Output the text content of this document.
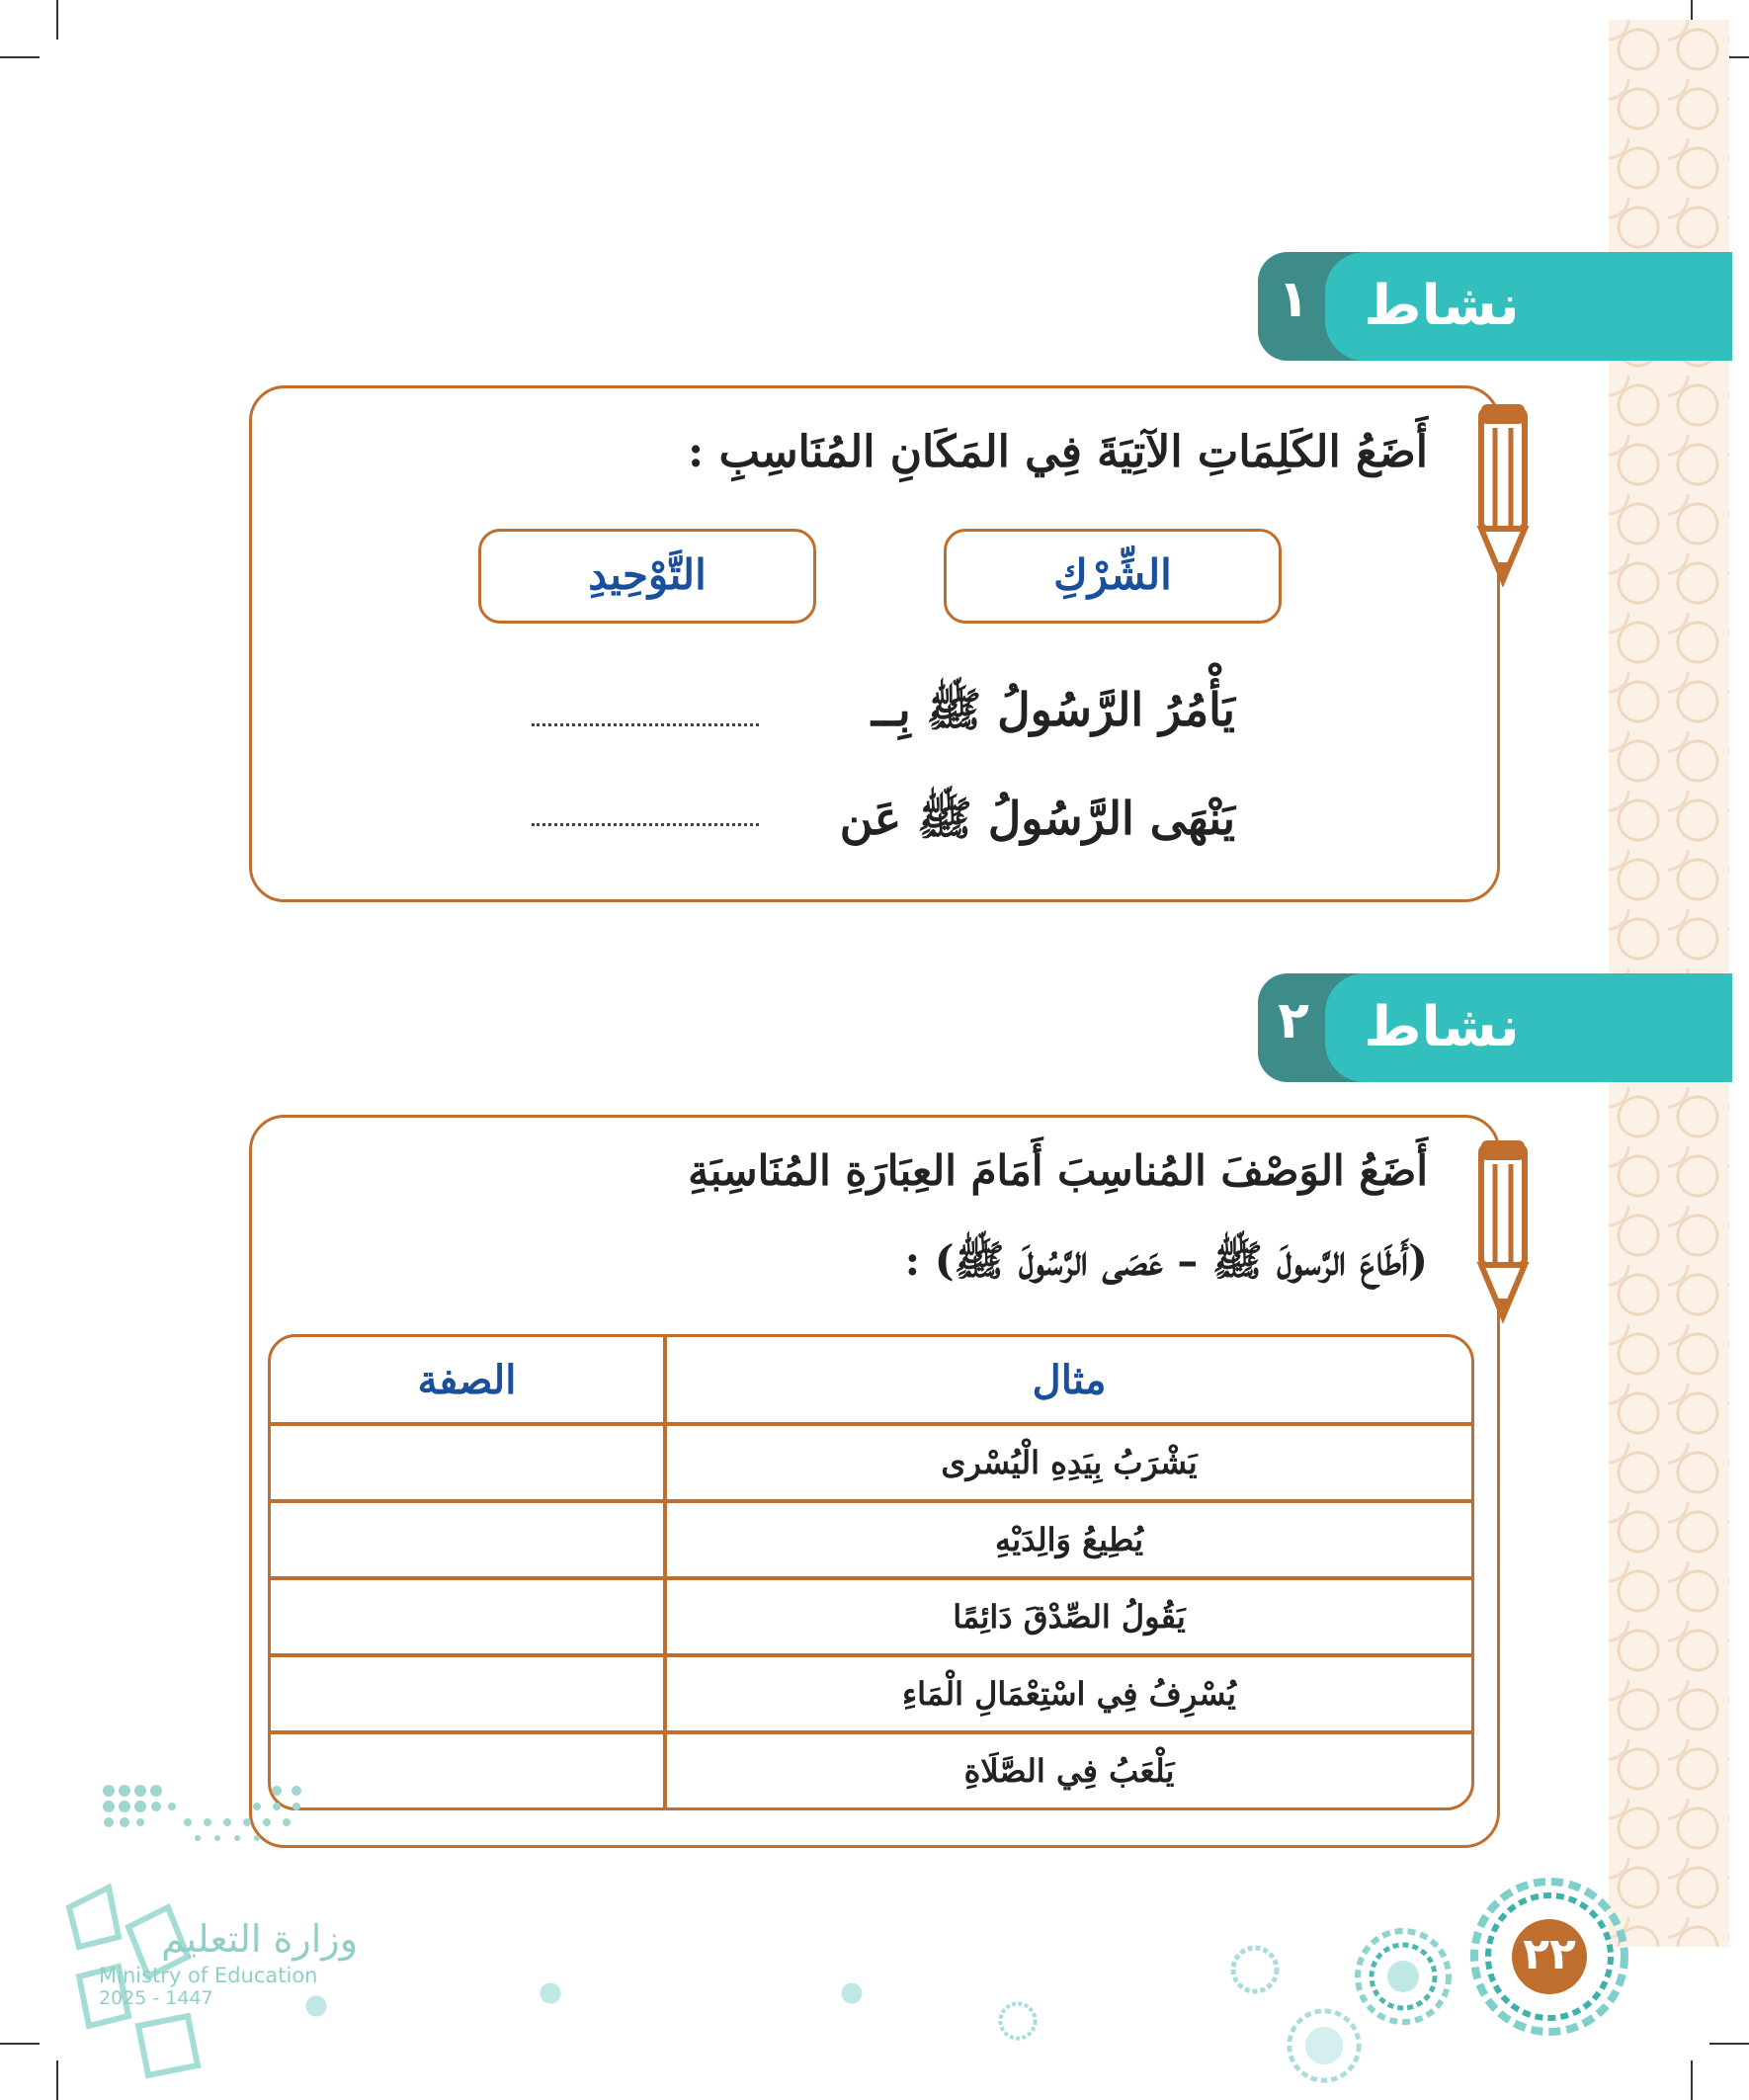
١ نشاط
أَضَعُ الكَلِمَاتِ الآتِيَةَ فِي المَكَانِ المُنَاسِبِ :
الشِّرْكِ
التَّوْحِيدِ
يَأْمُرُ الرَّسُولُ ﷺ بِــ
يَنْهَى الرَّسُولُ ﷺ عَن
٢ نشاط
أَضَعُ الوَصْفَ المُناسِبَ أَمَامَ العِبَارَةِ المُنَاسِبَةِ
(أَطَاعَ الرَّسولَ ﷺ – عَصَى الرَّسُولَ ﷺ) :
مثال	الصفة
يَشْرَبُ بِيَدِهِ الْيُسْرى	
يُطِيعُ وَالِدَيْهِ	
يَقُولُ الصِّدْقَ دَائِمًا	
يُسْرِفُ فِي اسْتِعْمَالِ الْمَاءِ	
يَلْعَبُ فِي الصَّلَاةِ	
٢٢
وزارة التعليم
Ministry of Education
2025 - 1447
